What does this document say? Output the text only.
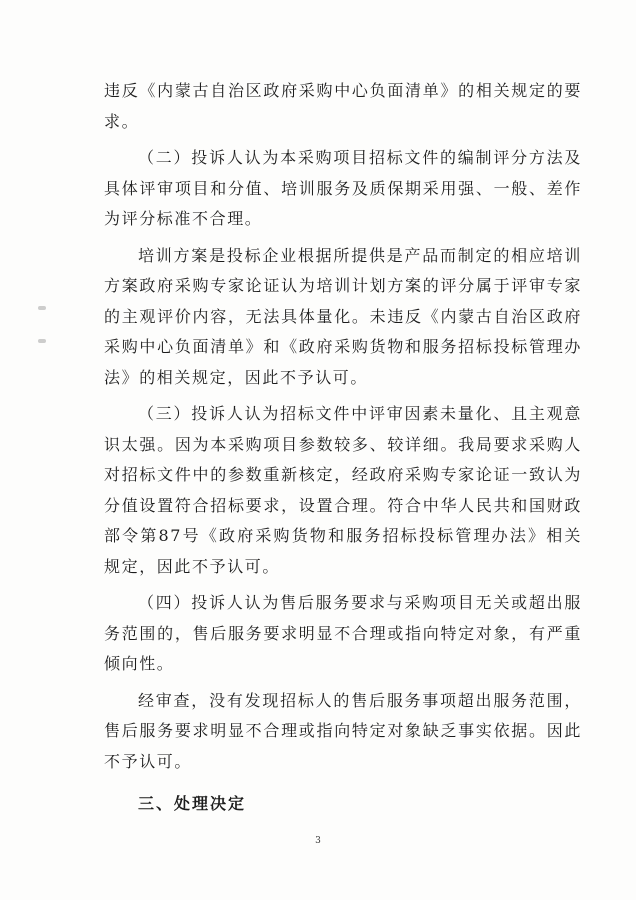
违反《内蒙古自治区政府采购中心负面清单》的相关规定的要求。

（二）投诉人认为本采购项目招标文件的编制评分方法及具体评审项目和分值、培训服务及质保期采用强、一般、差作为评分标准不合理。

培训方案是投标企业根据所提供是产品而制定的相应培训方案政府采购专家论证认为培训计划方案的评分属于评审专家的主观评价内容，无法具体量化。未违反《内蒙古自治区政府采购中心负面清单》和《政府采购货物和服务招标投标管理办法》的相关规定，因此不予认可。

（三）投诉人认为招标文件中评审因素未量化、且主观意识太强。因为本采购项目参数较多、较详细。我局要求采购人对招标文件中的参数重新核定，经政府采购专家论证一致认为分值设置符合招标要求，设置合理。符合中华人民共和国财政部令第87号《政府采购货物和服务招标投标管理办法》相关规定，因此不予认可。

（四）投诉人认为售后服务要求与采购项目无关或超出服务范围的，售后服务要求明显不合理或指向特定对象，有严重倾向性。

经审查，没有发现招标人的售后服务事项超出服务范围，售后服务要求明显不合理或指向特定对象缺乏事实依据。因此不予认可。

三、处理决定
3
